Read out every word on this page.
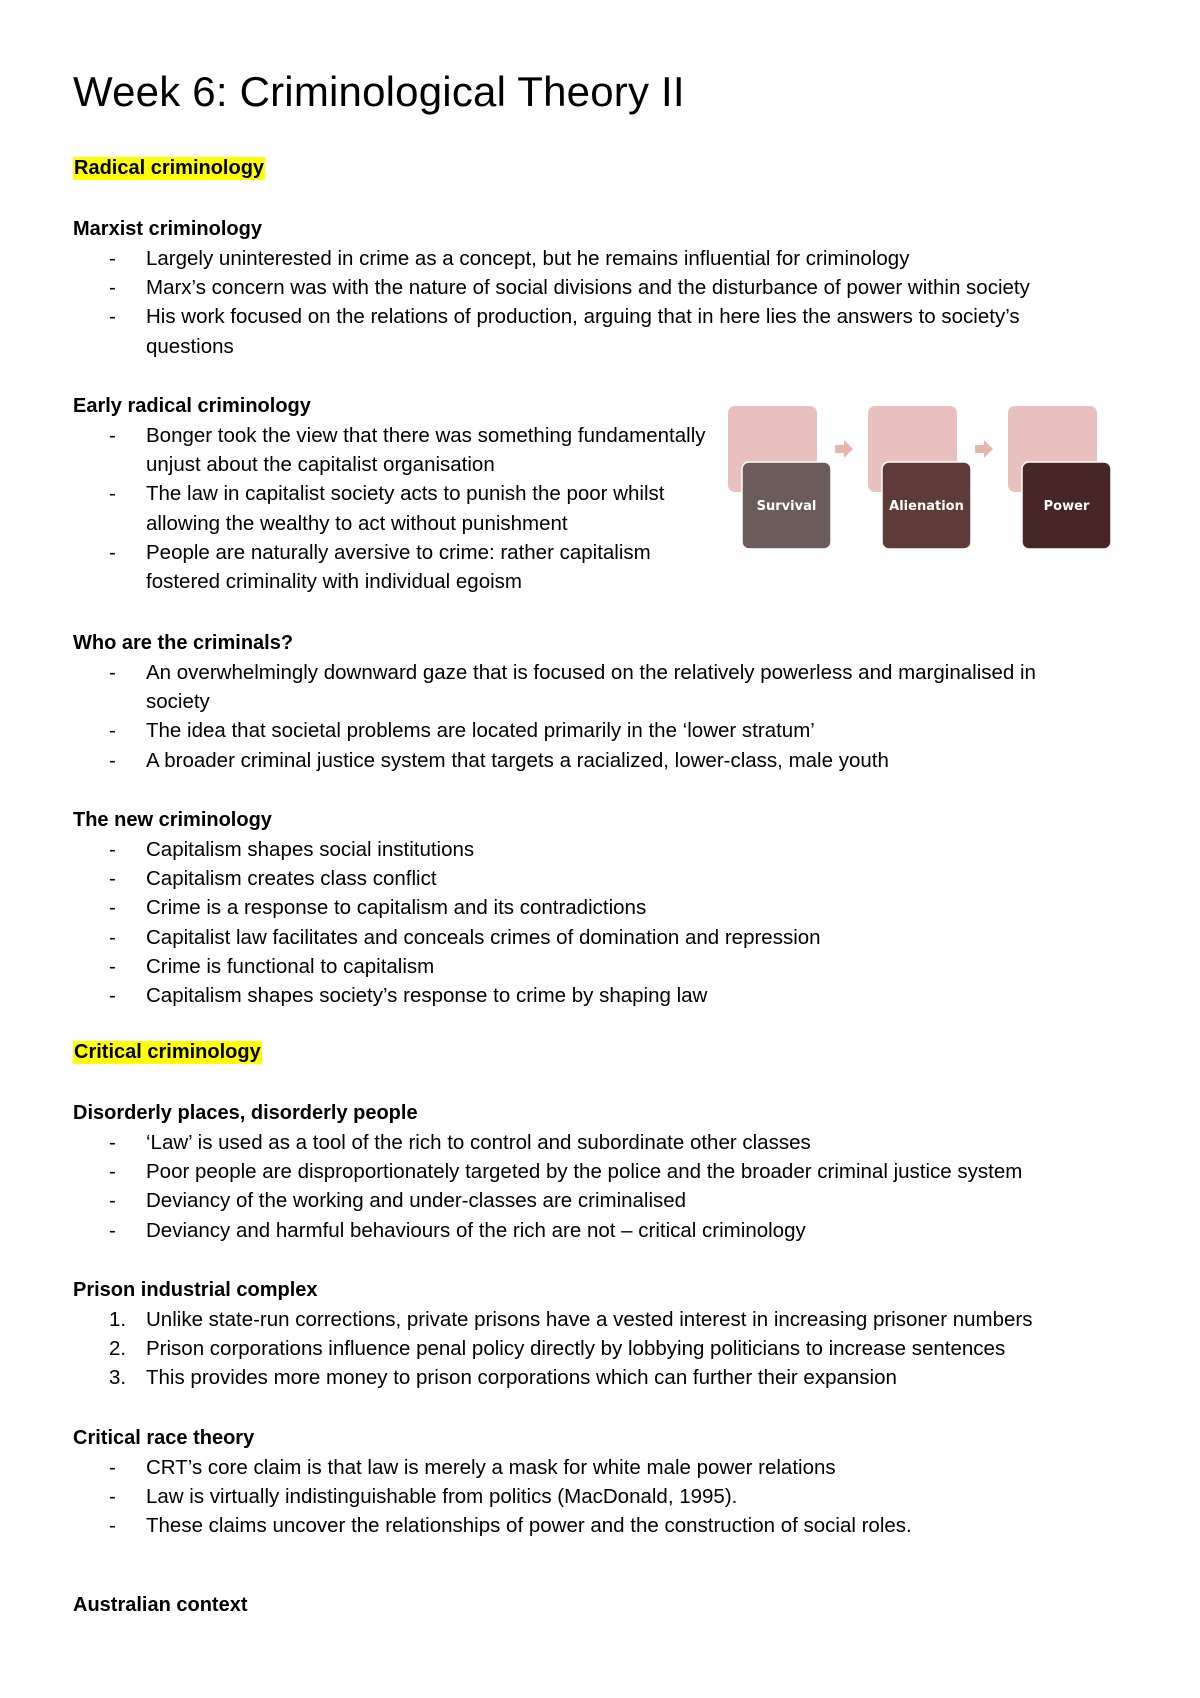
Week 6: Criminological Theory II
Radical criminology
Marxist criminology
- Largely uninterested in crime as a concept, but he remains influential for criminology
- Marx’s concern was with the nature of social divisions and the disturbance of power within society
- His work focused on the relations of production, arguing that in here lies the answers to society’s questions
Early radical criminology
- Bonger took the view that there was something fundamentally unjust about the capitalist organisation
- The law in capitalist society acts to punish the poor whilst allowing the wealthy to act without punishment
- People are naturally aversive to crime: rather capitalism fostered criminality with individual egoism
Who are the criminals?
- An overwhelmingly downward gaze that is focused on the relatively powerless and marginalised in society
- The idea that societal problems are located primarily in the ‘lower stratum’
- A broader criminal justice system that targets a racialized, lower-class, male youth
The new criminology
- Capitalism shapes social institutions
- Capitalism creates class conflict
- Crime is a response to capitalism and its contradictions
- Capitalist law facilitates and conceals crimes of domination and repression
- Crime is functional to capitalism
- Capitalism shapes society’s response to crime by shaping law
Critical criminology
Disorderly places, disorderly people
- ‘Law’ is used as a tool of the rich to control and subordinate other classes
- Poor people are disproportionately targeted by the police and the broader criminal justice system
- Deviancy of the working and under-classes are criminalised
- Deviancy and harmful behaviours of the rich are not – critical criminology
Prison industrial complex
1. Unlike state-run corrections, private prisons have a vested interest in increasing prisoner numbers
2. Prison corporations influence penal policy directly by lobbying politicians to increase sentences
3. This provides more money to prison corporations which can further their expansion
Critical race theory
- CRT’s core claim is that law is merely a mask for white male power relations
- Law is virtually indistinguishable from politics (MacDonald, 1995).
- These claims uncover the relationships of power and the construction of social roles.
Australian context
Survival	Alienation	Power
